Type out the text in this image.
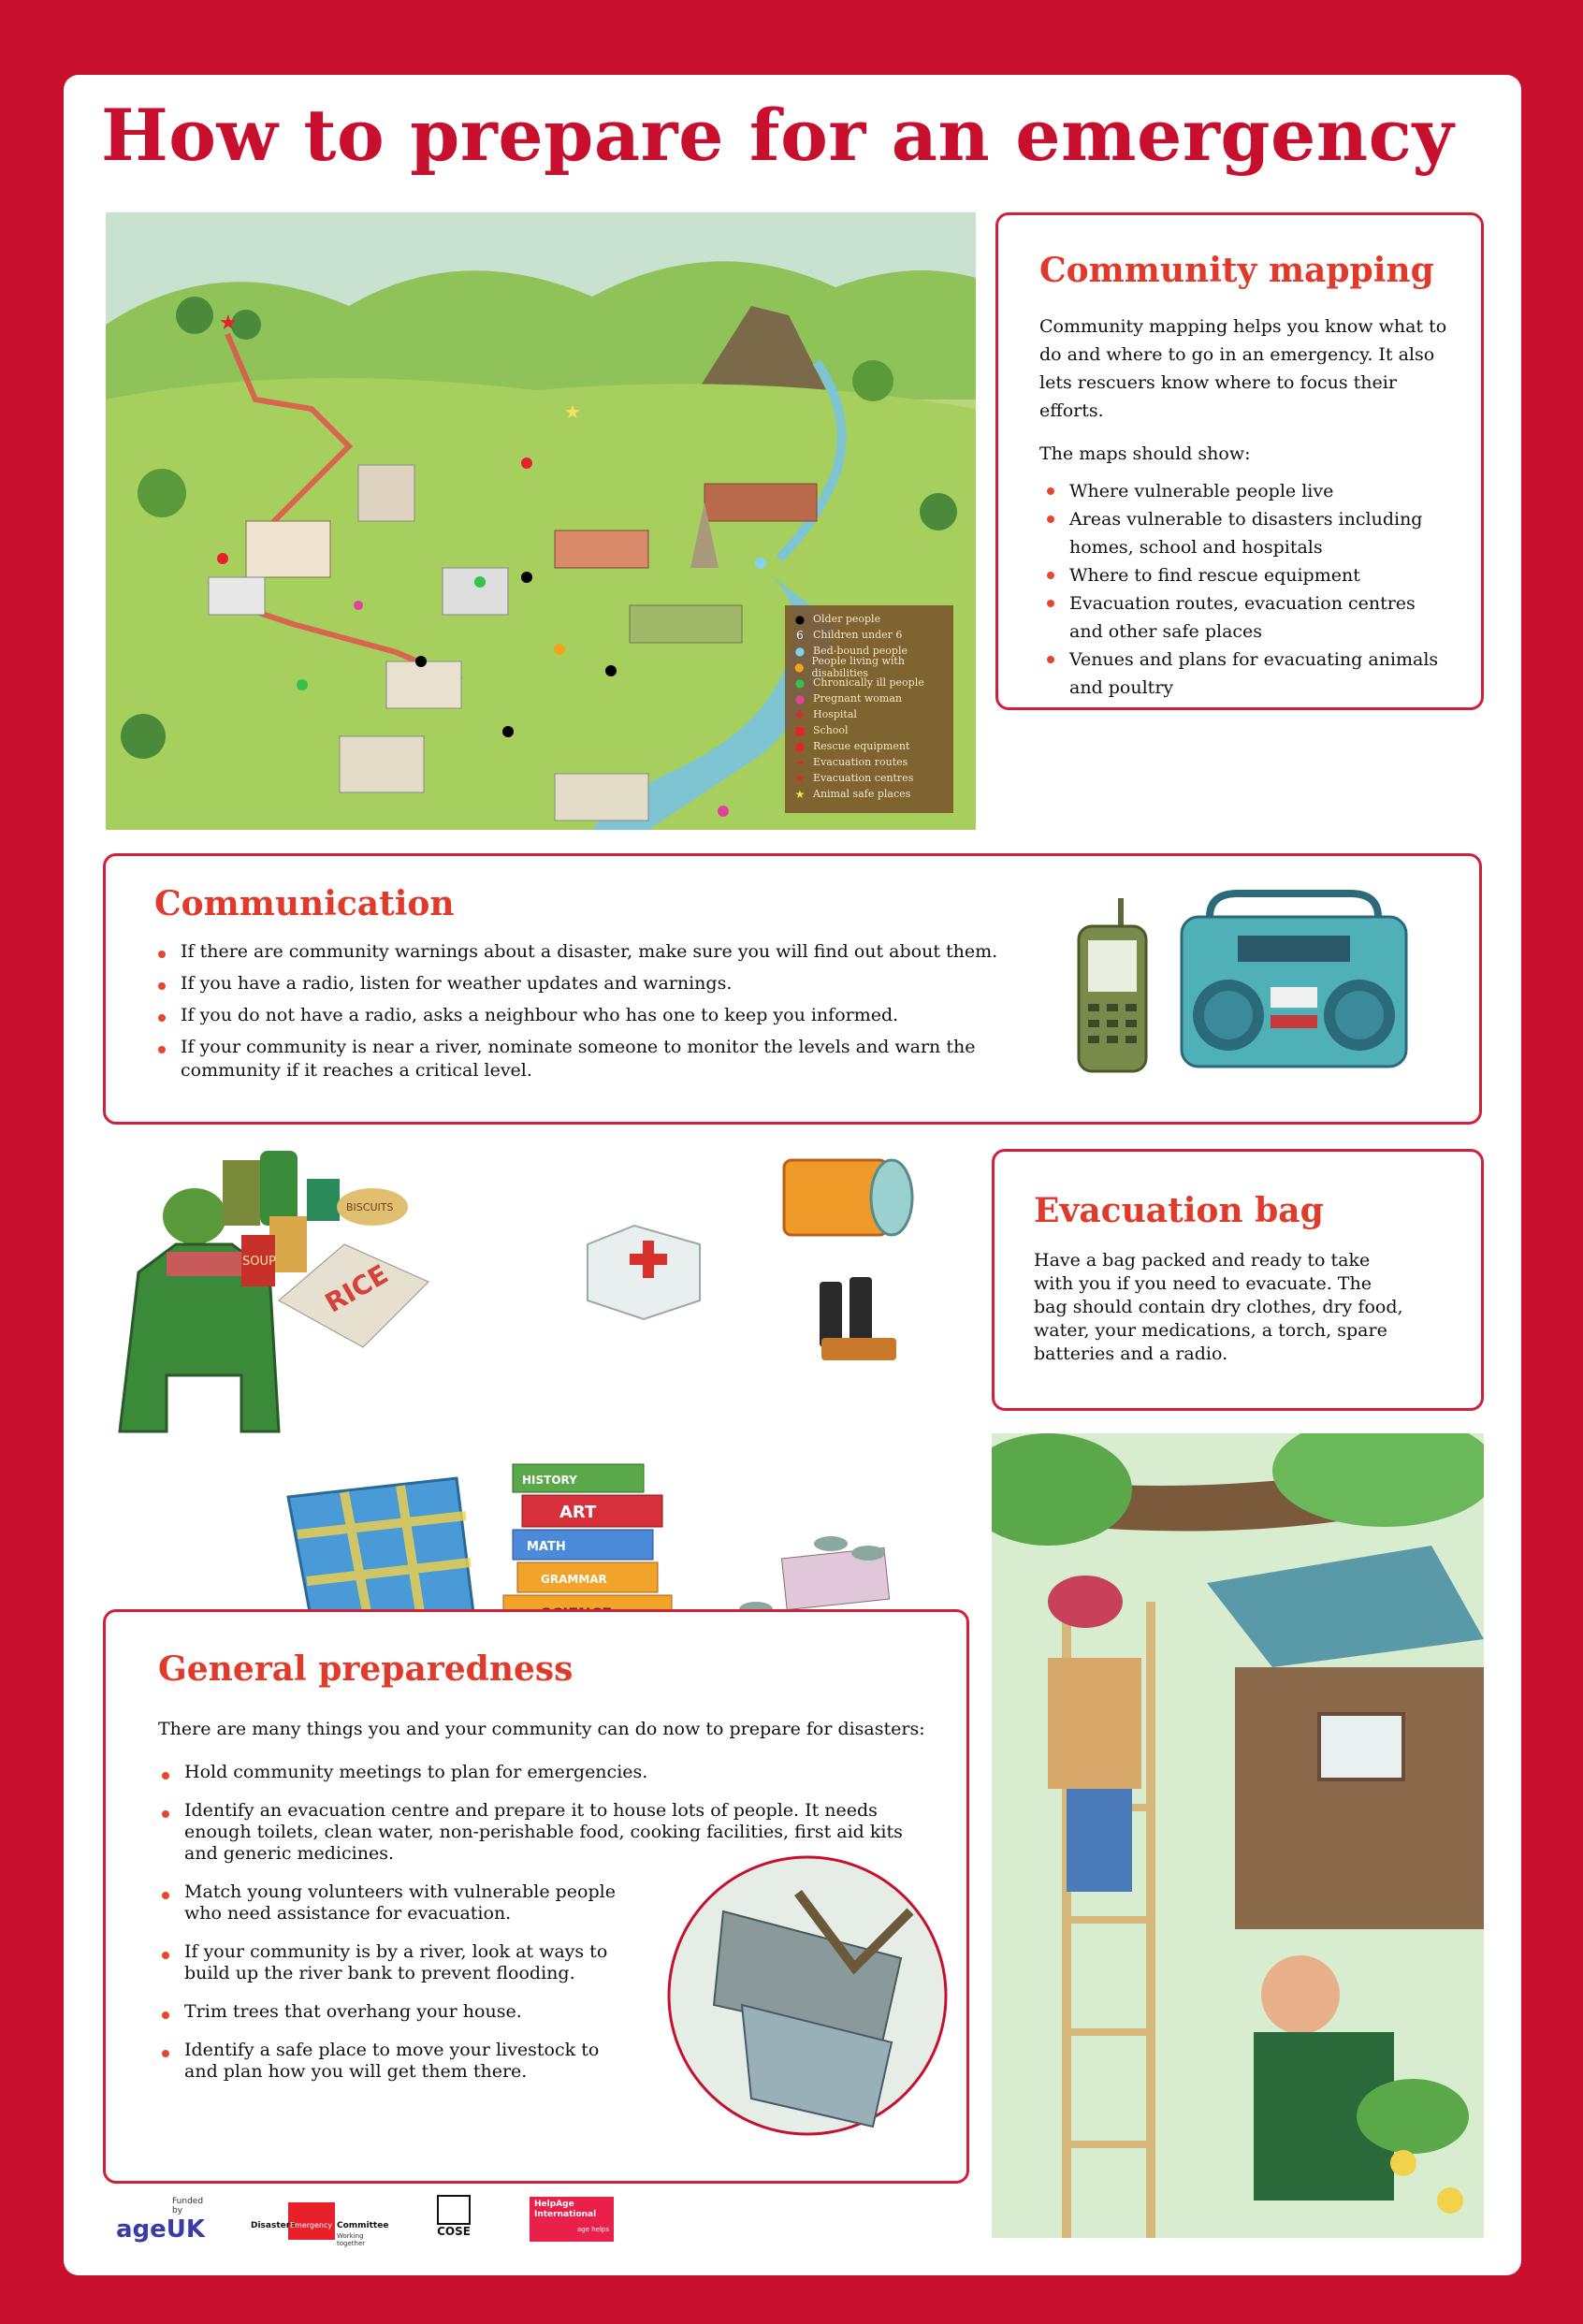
How to prepare for an emergency
★
★
● Older people
6 Children under 6
● Bed-bound people
● People living with disabilities
● Chronically ill people
● Pregnant woman
✚ Hospital
■ School
● Rescue equipment
━ Evacuation routes
★ Evacuation centres
★ Animal safe places
Community mapping

Community mapping helps you know what to do and where to go in an emergency. It also lets rescuers know where to focus their efforts.

The maps should show:

Where vulnerable people live
Areas vulnerable to disasters including homes, school and hospitals
Where to find rescue equipment
Evacuation routes, evacuation centres and other safe places
Venues and plans for evacuating animals and poultry
Communication
If there are community warnings about a disaster, make sure you will find out about them.
If you have a radio, listen for weather updates and warnings.
If you do not have a radio, asks a neighbour who has one to keep you informed.
If your community is near a river, nominate someone to monitor the levels and warn the community if it reaches a critical level.
SOUP
BISCUITS
RICE
HISTORY
ART
MATH
GRAMMAR
Evacuation bag

Have a bag packed and ready to take with you if you need to evacuate. The bag should contain dry clothes, dry food, water, your medications, a torch, spare batteries and a radio.

General preparedness

There are many things you and your community can do now to prepare for disasters:

Hold community meetings to plan for emergencies.
Identify an evacuation centre and prepare it to house lots of people. It needs enough toilets, clean water, non-perishable food, cooking facilities, first aid kits and generic medicines.
Match young volunteers with vulnerable people who need assistance for evacuation.
If your community is by a river, look at ways to build up the river bank to prevent flooding.
Trim trees that overhang your house.
Identify a safe place to move your livestock to and plan how you will get them there.
Funded by
ageUK	Disasters
Emergency Committee
Working together
COSE
HelpAge International
age helps
